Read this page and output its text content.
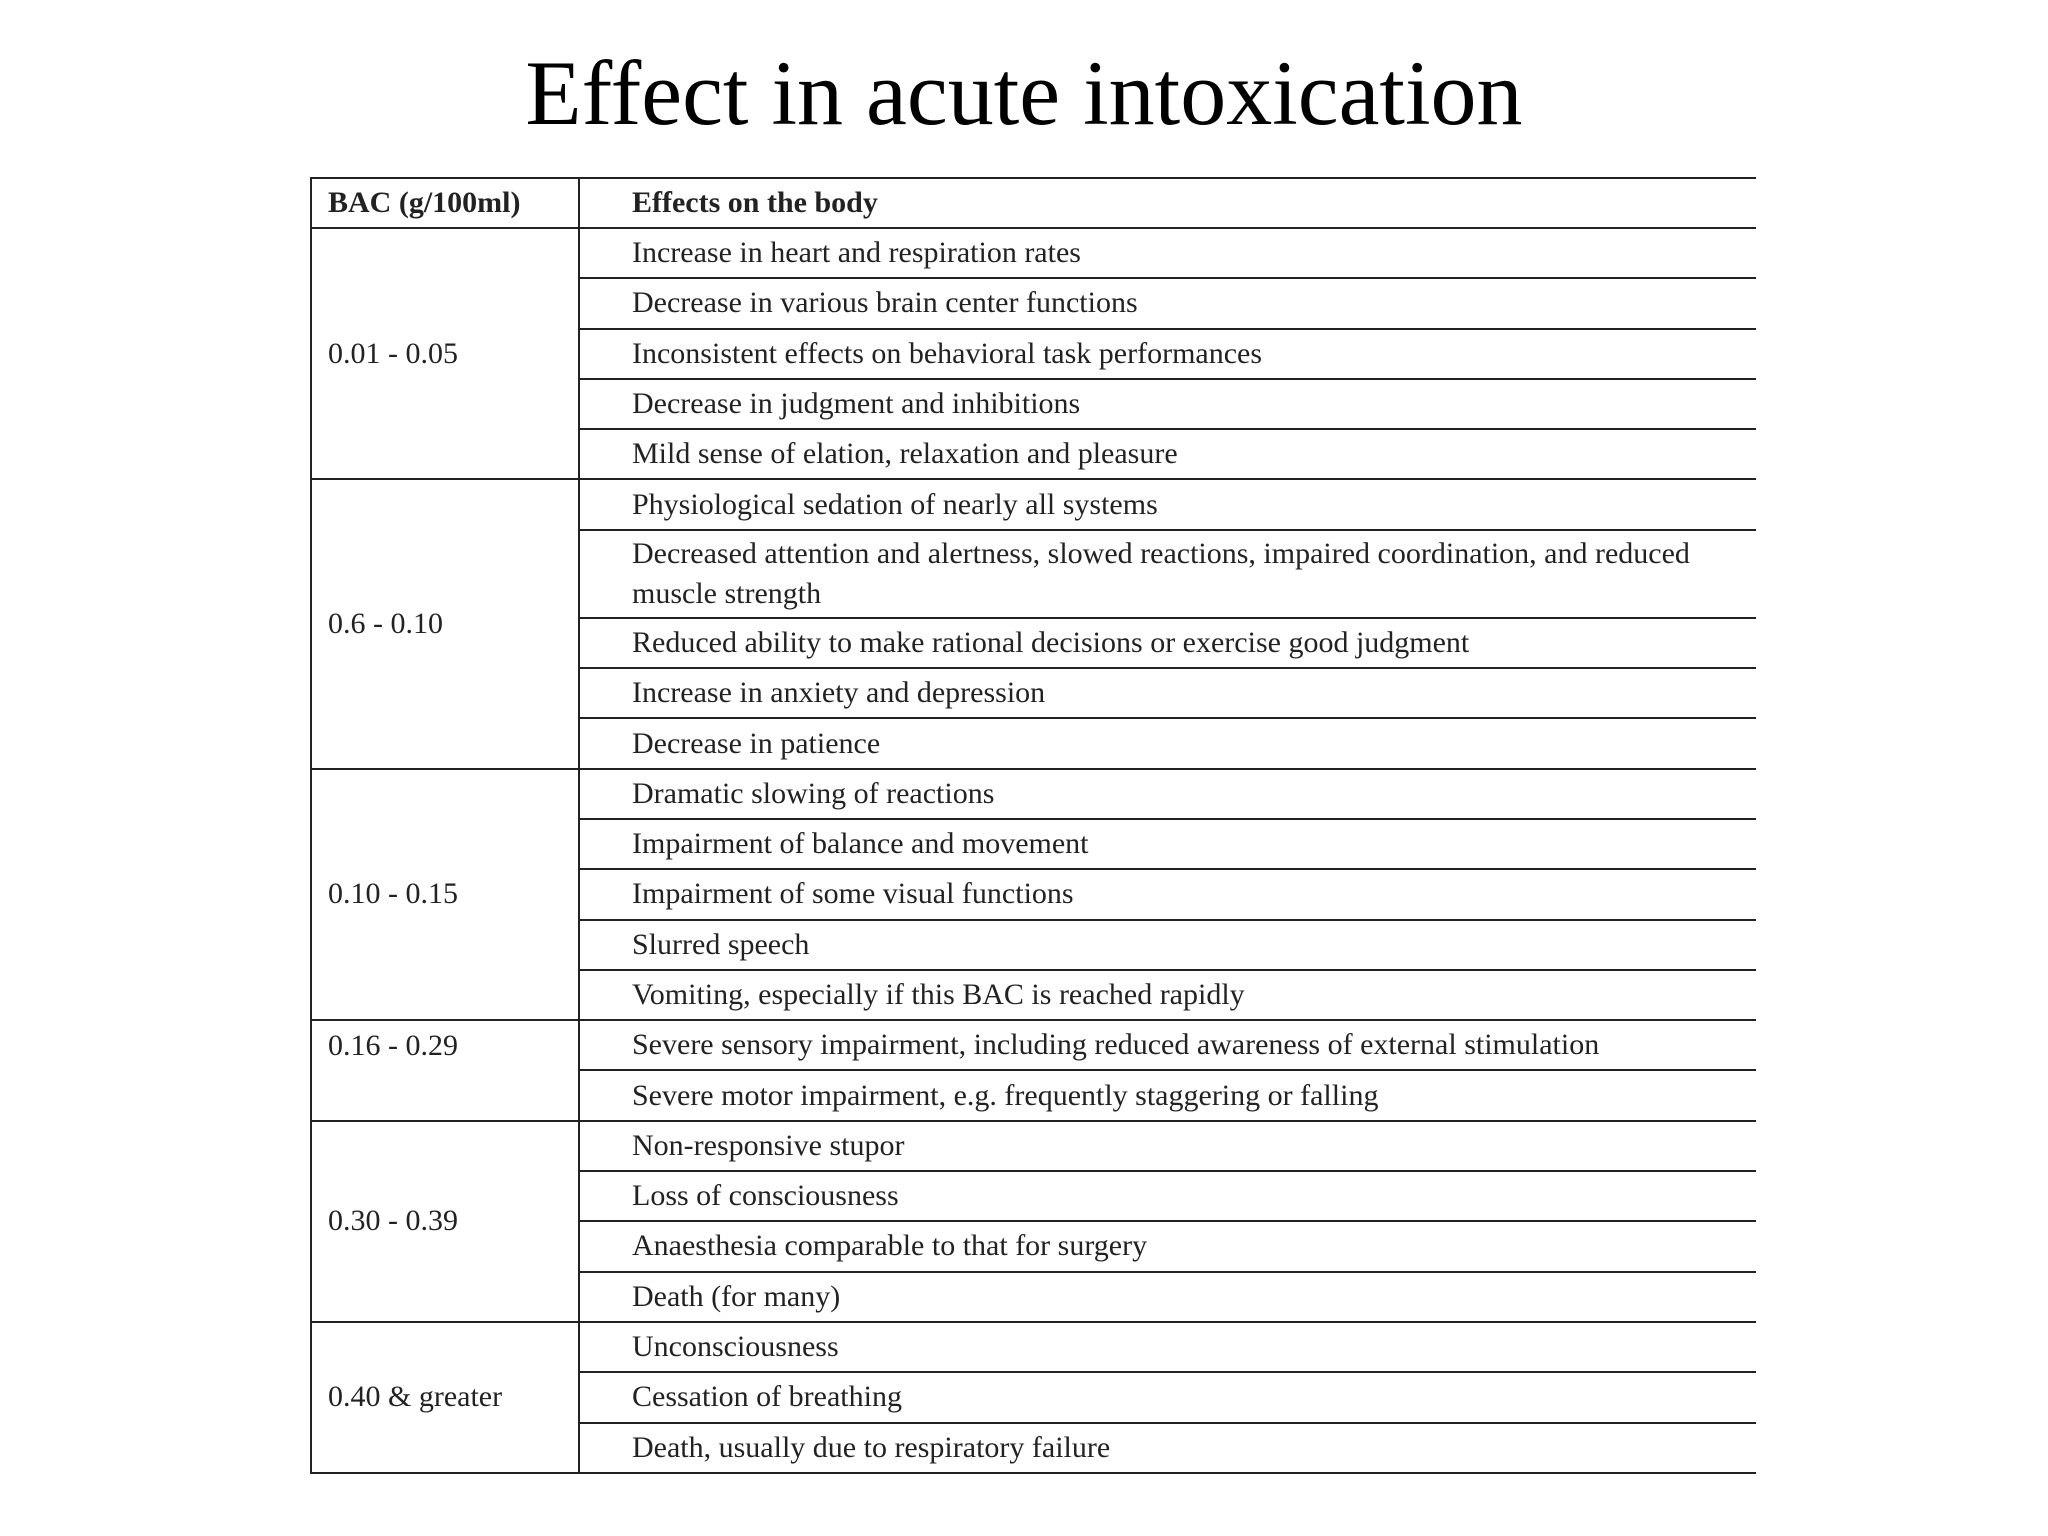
Effect in acute intoxication
BAC (g/100ml)	Effects on the body
0.01 - 0.05	Increase in heart and respiration rates
	Decrease in various brain center functions
	Inconsistent effects on behavioral task performances
	Decrease in judgment and inhibitions
	Mild sense of elation, relaxation and pleasure
0.6 - 0.10	Physiological sedation of nearly all systems
	Decreased attention and alertness, slowed reactions, impaired coordination, and reduced muscle strength
	Reduced ability to make rational decisions or exercise good judgment
	Increase in anxiety and depression
	Decrease in patience
0.10 - 0.15	Dramatic slowing of reactions
	Impairment of balance and movement
	Impairment of some visual functions
	Slurred speech
	Vomiting, especially if this BAC is reached rapidly
0.16 - 0.29	Severe sensory impairment, including reduced awareness of external stimulation
	Severe motor impairment, e.g. frequently staggering or falling
0.30 - 0.39	Non-responsive stupor
	Loss of consciousness
	Anaesthesia comparable to that for surgery
	Death (for many)
0.40 & greater	Unconsciousness
	Cessation of breathing
	Death, usually due to respiratory failure
